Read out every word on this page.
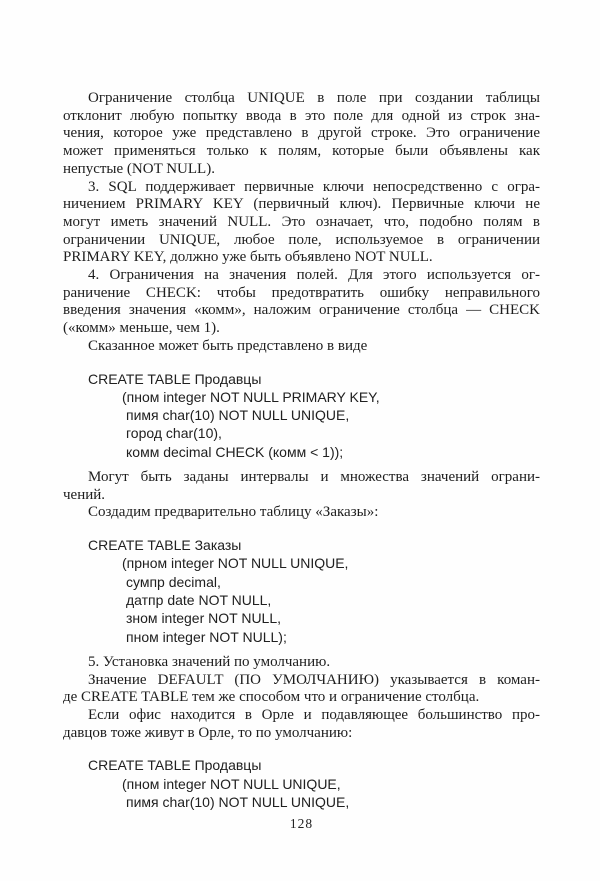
Ограничение столбца UNIQUE в поле при создании таблицы
отклонит любую попытку ввода в это поле для одной из строк зна-
чения, которое уже представлено в другой строке. Это ограничение
может применяться только к полям, которые были объявлены как
непустые (NOT NULL).
3. SQL поддерживает первичные ключи непосредственно с огра-
ничением PRIMARY KEY (первичный ключ). Первичные ключи не
могут иметь значений NULL. Это означает, что, подобно полям в
ограничении UNIQUE, любое поле, используемое в ограничении
PRIMARY KEY, должно уже быть объявлено NOT NULL.
4. Ограничения на значения полей. Для этого используется ог-
раничение CHECK: чтобы предотвратить ошибку неправильного
введения значения «комм», наложим ограничение столбца — CHECK
(«комм» меньше, чем 1).
Сказанное может быть представлено в виде
CREATE TABLE Продавцы
(пном integer NOT NULL PRIMARY KEY,
пимя char(10) NOT NULL UNIQUE,
город char(10),
комм decimal CHECK (комм < 1));
Могут быть заданы интервалы и множества значений ограни-
чений.
Создадим предварительно таблицу «Заказы»:
CREATE TABLE Заказы
(прном integer NOT NULL UNIQUE,
сумпр decimal,
датпр date NOT NULL,
зном integer NOT NULL,
пном integer NOT NULL);
5. Установка значений по умолчанию.
Значение DEFAULT (ПО УМОЛЧАНИЮ) указывается в коман-
де CREATE TABLE тем же способом что и ограничение столбца.
Если офис находится в Орле и подавляющее большинство про-
давцов тоже живут в Орле, то по умолчанию:
CREATE TABLE Продавцы
(пном integer NOT NULL UNIQUE,
пимя char(10) NOT NULL UNIQUE,
128
